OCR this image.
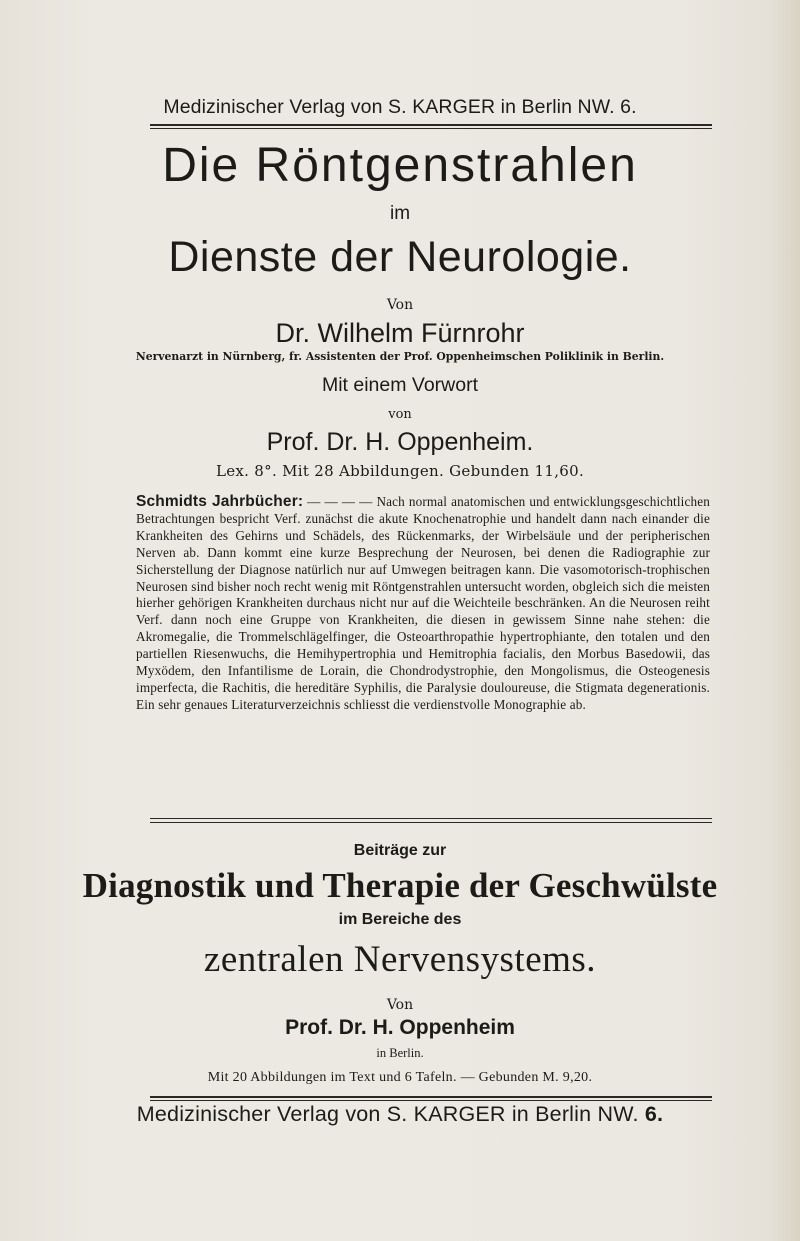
Medizinischer Verlag von S. KARGER in Berlin NW. 6.
Die Röntgenstrahlen
im
Dienste der Neurologie.
Von
Dr. Wilhelm Fürnrohr
Nervenarzt in Nürnberg, fr. Assistenten der Prof. Oppenheimschen Poliklinik in Berlin.
Mit einem Vorwort
von
Prof. Dr. H. Oppenheim.
Lex. 8°. Mit 28 Abbildungen. Gebunden 11,60.
Schmidts Jahrbücher: — — — — Nach normal anatomischen und entwicklungsgeschichtlichen Betrachtungen bespricht Verf. zunächst die akute Knochenatrophie und handelt dann nach einander die Krankheiten des Gehirns und Schädels, des Rückenmarks, der Wirbelsäule und der peripherischen Nerven ab. Dann kommt eine kurze Besprechung der Neurosen, bei denen die Radiographie zur Sicherstellung der Diagnose natürlich nur auf Umwegen beitragen kann. Die vasomotorisch-trophischen Neurosen sind bisher noch recht wenig mit Röntgenstrahlen untersucht worden, obgleich sich die meisten hierher gehörigen Krankheiten durchaus nicht nur auf die Weichteile beschränken. An die Neurosen reiht Verf. dann noch eine Gruppe von Krankheiten, die diesen in gewissem Sinne nahe stehen: die Akromegalie, die Trommelschlägelfinger, die Osteoarthropathie hypertrophiante, den totalen und den partiellen Riesenwuchs, die Hemihypertrophia und Hemitrophia facialis, den Morbus Basedowii, das Myxödem, den Infantilisme de Lorain, die Chondrodystrophie, den Mongolismus, die Osteogenesis imperfecta, die Rachitis, die hereditäre Syphilis, die Paralysie douloureuse, die Stigmata degenerationis. Ein sehr genaues Literaturverzeichnis schliesst die verdienstvolle Monographie ab.
Beiträge zur
Diagnostik und Therapie der Geschwülste
im Bereiche des
zentralen Nervensystems.
Von
Prof. Dr. H. Oppenheim
in Berlin.
Mit 20 Abbildungen im Text und 6 Tafeln. — Gebunden M. 9,20.
Medizinischer Verlag von S. KARGER in Berlin NW. 6.
